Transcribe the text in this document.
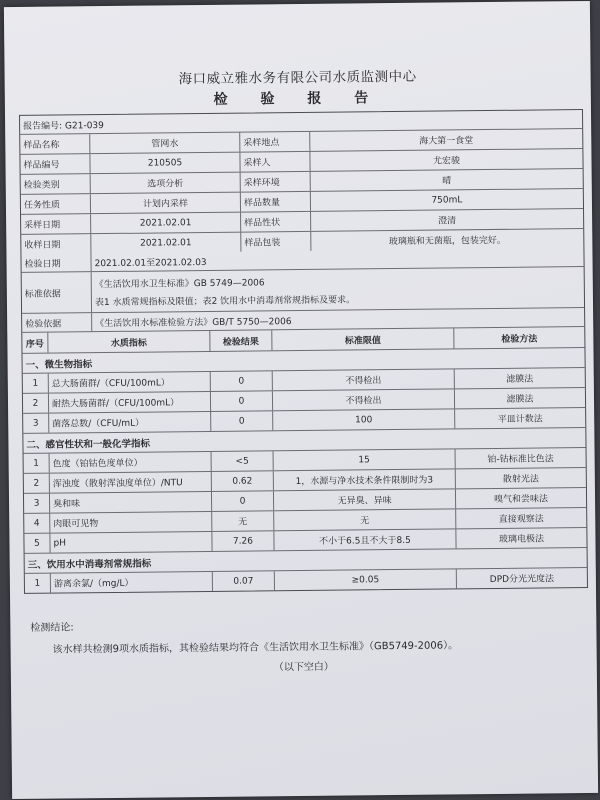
海口威立雅水务有限公司水质监测中心
检 验 报 告
报告编号: G21-039
样品名称	管网水	采样地点	海大第一食堂
样品编号	210505	采样人	尤宏骏
检验类别	选项分析	采样环境	晴
任务性质	计划内采样	样品数量	750mL
采样日期	2021.02.01	样品性状	澄清
收样日期	2021.02.01	样品包装	玻璃瓶和无菌瓶，包装完好。
检验日期	2021.02.01至2021.02.03
标准依据
《生活饮用水卫生标准》GB 5749—2006
表1 水质常规指标及限值；表2 饮用水中消毒剂常规指标及要求。
检验依据	《生活饮用水标准检验方法》GB/T 5750—2006
序号	水质指标	检验结果	标准限值	检验方法
一、微生物指标
1	总大肠菌群/（CFU/100mL）	0	不得检出	滤膜法
2	耐热大肠菌群/（CFU/100mL）	0	不得检出	滤膜法
3	菌落总数/（CFU/mL）	0	100	平皿计数法
二、感官性状和一般化学指标
1	色度（铂钴色度单位）	<5	15	铂-钴标准比色法
2	浑浊度（散射浑浊度单位）/NTU	0.62	1，水源与净水技术条件限制时为3	散射光法
3	臭和味	0	无异臭、异味	嗅气和尝味法
4	肉眼可见物	无	无	直接观察法
5	pH	7.26	不小于6.5且不大于8.5	玻璃电极法
三、饮用水中消毒剂常规指标
1	游离余氯/（mg/L）	0.07	≥0.05	DPD分光光度法
检测结论:
该水样共检测9项水质指标，其检验结果均符合《生活饮用水卫生标准》（GB5749-2006）。
（以下空白）
